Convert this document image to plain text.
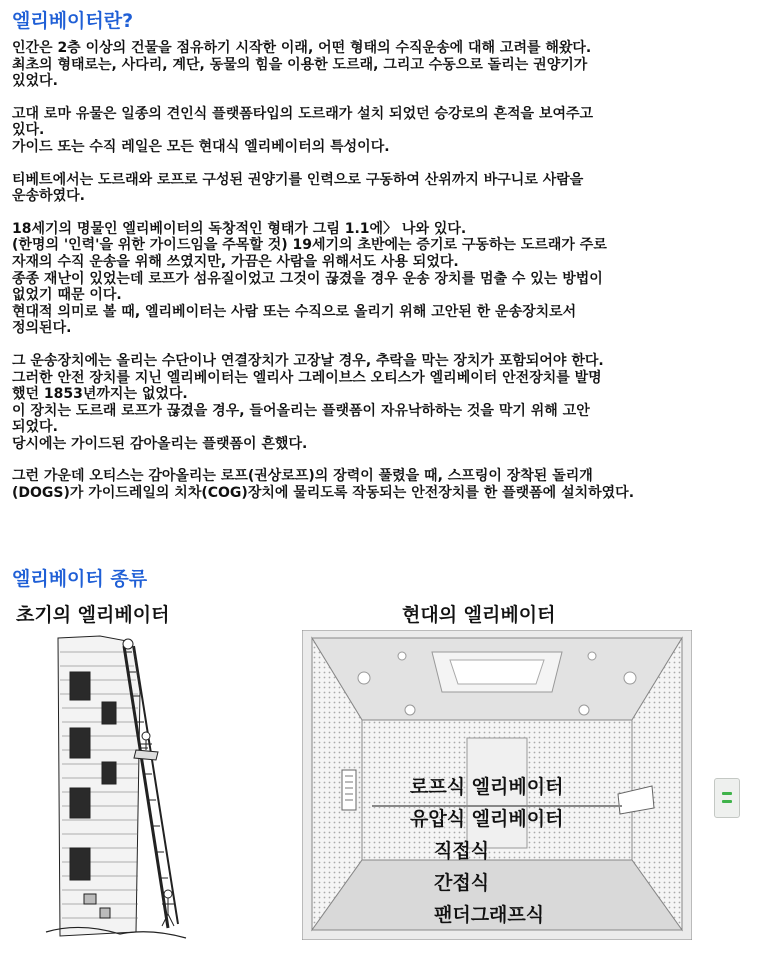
엘리베이터란?

인간은 2층 이상의 건물을 점유하기 시작한 이래, 어떤 형태의 수직운송에 대해 고려를 해왔다.
최초의 형태로는, 사다리, 계단, 동물의 힘을 이용한 도르래, 그리고 수동으로 돌리는 권양기가
있었다.

고대 로마 유물은 일종의 견인식 플랫폼타입의 도르래가 설치 되었던 승강로의 흔적을 보여주고
있다.
가이드 또는 수직 레일은 모든 현대식 엘리베이터의 특성이다.

티베트에서는 도르래와 로프로 구성된 권양기를 인력으로 구동하여 산위까지 바구니로 사람을
운송하였다.

18세기의 명물인 엘리베이터의 독창적인 형태가 그림 1.1에〉 나와 있다.
(한명의 '인력'을 위한 가이드임을 주목할 것) 19세기의 초반에는 증기로 구동하는 도르래가 주로
자재의 수직 운송을 위해 쓰였지만, 가끔은 사람을 위해서도 사용 되었다.
종종 재난이 있었는데 로프가 섬유질이었고 그것이 끊겼을 경우 운송 장치를 멈출 수 있는 방법이
없었기 때문 이다.
현대적 의미로 볼 때, 엘리베이터는 사람 또는 수직으로 올리기 위해 고안된 한 운송장치로서
정의된다.

그 운송장치에는 올리는 수단이나 연결장치가 고장날 경우, 추락을 막는 장치가 포함되어야 한다.
그러한 안전 장치를 지닌 엘리베이터는 엘리사 그레이브스 오티스가 엘리베이터 안전장치를 발명
했던 1853년까지는 없었다.
이 장치는 도르래 로프가 끊겼을 경우, 들어올리는 플랫폼이 자유낙하하는 것을 막기 위해 고안
되었다.
당시에는 가이드된 감아올리는 플랫폼이 흔했다.

그런 가운데 오티스는 감아올리는 로프(권상로프)의 장력이 풀렸을 때, 스프링이 장착된 돌리개
(DOGS)가 가이드레일의 치차(COG)장치에 물리도록 작동되는 안전장치를 한 플랫폼에 설치하였다.

엘리베이터 종류
초기의 엘리베이터	현대의 엘리베이터
로프식 엘리베이터
유압식 엘리베이터
직접식
간접식
팬더그래프식
